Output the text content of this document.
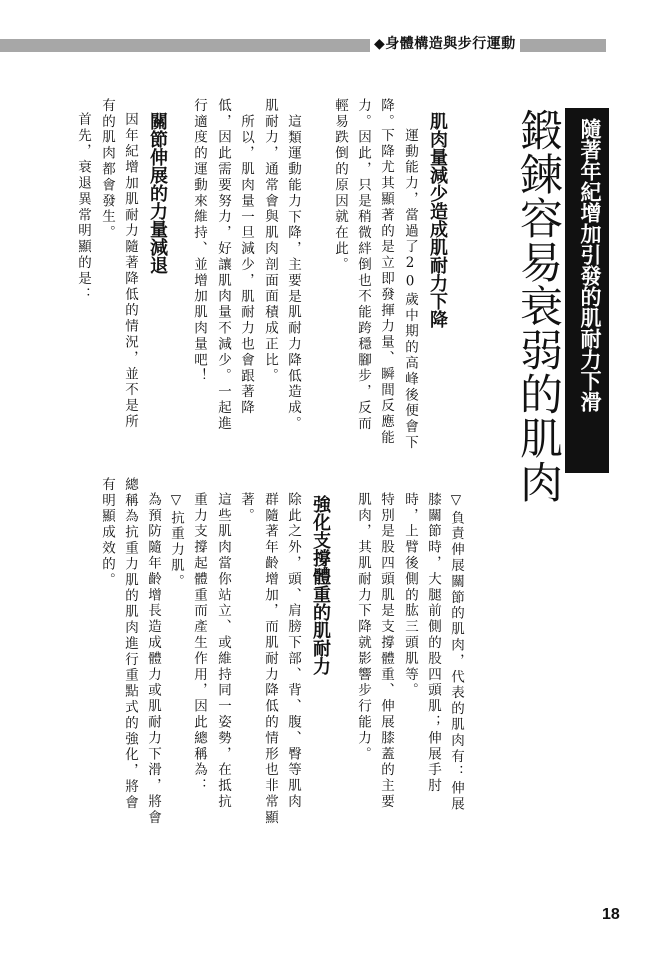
◆身體構造與步行運動
隨著年紀增加引發的肌耐力下滑
鍛鍊容易衰弱的肌肉
降。 肌肉量減少造成肌耐力下降
運動能力，當過了20歲中期的高峰後便會下
下降尤其顯著的是立即發揮力量、瞬間反應能
力。因此，只是稍微絆倒也不能跨穩腳步，反而
輕易跌倒的原因就在此。
這類運動能力下降，主要是肌耐力降低造成。
肌耐力，通常會與肌肉剖面面積成正比。
所以，肌肉量一旦減少，肌耐力也會跟著降
低，因此需要努力，好讓肌肉量不減少。一起進
行適度的運動來維持、並增加肌肉量吧！
關節伸展的力量減退
因年紀增加肌耐力隨著降低的情況，並不是所
有的肌肉都會發生。
首先，衰退異常明顯的是：
▽負責伸展關節的肌肉，代表的肌肉有：伸展
膝關節時，大腿前側的股四頭肌；伸展手肘
時，上臂後側的肱三頭肌等。
特別是股四頭肌是支撐體重、伸展膝蓋的主要
肌肉，其肌耐力下降就影響步行能力。
強化支撐體重的肌耐力
除此之外，頭、肩膀下部、背、腹、臀等肌肉
群隨著年齡增加，而肌耐力降低的情形也非常顯
著。
這些肌肉當你站立、或維持同一姿勢，在抵抗
重力支撐起體重而產生作用，因此總稱為：
▽抗重力肌。
為預防隨年齡增長造成體力或肌耐力下滑，將會
總稱為抗重力肌的肌肉進行重點式的強化，將會
有明顯成效的。
18
